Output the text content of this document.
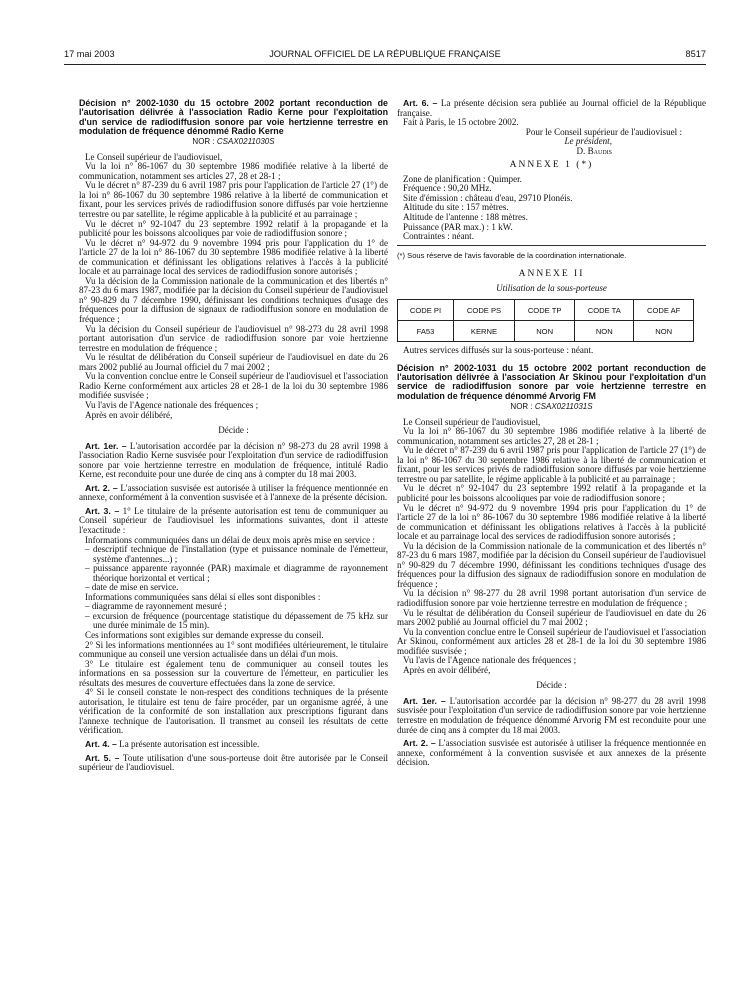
17 mai 2003	JOURNAL OFFICIEL DE LA RÉPUBLIQUE FRANÇAISE	8517
Décision n° 2002-1030 du 15 octobre 2002 portant reconduction de l'autorisation délivrée à l'association Radio Kerne pour l'exploitation d'un service de radiodiffusion sonore par voie hertzienne terrestre en modulation de fréquence dénommé Radio Kerne
NOR : CSAX0211030S

Le Conseil supérieur de l'audiovisuel,

Vu la loi n° 86-1067 du 30 septembre 1986 modifiée relative à la liberté de communication, notamment ses articles 27, 28 et 28-1 ;

Vu le décret n° 87-239 du 6 avril 1987 pris pour l'application de l'article 27 (1°) de la loi n° 86-1067 du 30 septembre 1986 relative à la liberté de communication et fixant, pour les services privés de radiodiffusion sonore diffusés par voie hertzienne terrestre ou par satellite, le régime applicable à la publicité et au parrainage ;

Vu le décret n° 92-1047 du 23 septembre 1992 relatif à la propagande et la publicité pour les boissons alcooliques par voie de radiodiffusion sonore ;

Vu le décret n° 94-972 du 9 novembre 1994 pris pour l'application du 1° de l'article 27 de la loi n° 86-1067 du 30 septembre 1986 modifiée relative à la liberté de communication et définissant les obligations relatives à l'accès à la publicité locale et au parrainage local des services de radiodiffusion sonore autorisés ;

Vu la décision de la Commission nationale de la communication et des libertés n° 87-23 du 6 mars 1987, modifiée par la décision du Conseil supérieur de l'audiovisuel n° 90-829 du 7 décembre 1990, définissant les conditions techniques d'usage des fréquences pour la diffusion de signaux de radiodiffusion sonore en modulation de fréquence ;

Vu la décision du Conseil supérieur de l'audiovisuel n° 98-273 du 28 avril 1998 portant autorisation d'un service de radiodiffusion sonore par voie hertzienne terrestre en modulation de fréquence ;

Vu le résultat de délibération du Conseil supérieur de l'audiovisuel en date du 26 mars 2002 publié au Journal officiel du 7 mai 2002 ;

Vu la convention conclue entre le Conseil supérieur de l'audiovisuel et l'association Radio Kerne conformément aux articles 28 et 28-1 de la loi du 30 septembre 1986 modifiée susvisée ;

Vu l'avis de l'Agence nationale des fréquences ;

Après en avoir délibéré,

Décide :

Art. 1er. – L'autorisation accordée par la décision n° 98-273 du 28 avril 1998 à l'association Radio Kerne susvisée pour l'exploitation d'un service de radiodiffusion sonore par voie hertzienne terrestre en modulation de fréquence, intitulé Radio Kerne, est reconduite pour une durée de cinq ans à compter du 18 mai 2003.

Art. 2. – L'association susvisée est autorisée à utiliser la fréquence mentionnée en annexe, conformément à la convention susvisée et à l'annexe de la présente décision.

Art. 3. – 1° Le titulaire de la présente autorisation est tenu de communiquer au Conseil supérieur de l'audiovisuel les informations suivantes, dont il atteste l'exactitude :

Informations communiquées dans un délai de deux mois après mise en service :

– descriptif technique de l'installation (type et puissance nominale de l'émetteur, système d'antennes...) ;

– puissance apparente rayonnée (PAR) maximale et diagramme de rayonnement théorique horizontal et vertical ;

– date de mise en service.

Informations communiquées sans délai si elles sont disponibles :

– diagramme de rayonnement mesuré ;

– excursion de fréquence (pourcentage statistique du dépassement de 75 kHz sur une durée minimale de 15 min).

Ces informations sont exigibles sur demande expresse du conseil.

2° Si les informations mentionnées au 1° sont modifiées ultérieurement, le titulaire communique au conseil une version actualisée dans un délai d'un mois.

3° Le titulaire est également tenu de communiquer au conseil toutes les informations en sa possession sur la couverture de l'émetteur, en particulier les résultats des mesures de couverture effectuées dans la zone de service.

4° Si le conseil constate le non-respect des conditions techniques de la présente autorisation, le titulaire est tenu de faire procéder, par un organisme agréé, à une vérification de la conformité de son installation aux prescriptions figurant dans l'annexe technique de l'autorisation. Il transmet au conseil les résultats de cette vérification.

Art. 4. – La présente autorisation est incessible.

Art. 5. – Toute utilisation d'une sous-porteuse doit être autorisée par le Conseil supérieur de l'audiovisuel.

Art. 6. – La présente décision sera publiée au Journal officiel de la République française.

Fait à Paris, le 15 octobre 2002.

Pour le Conseil supérieur de l'audiovisuel :

Le président,

D. Baudis

ANNEXE 1 (*)

Zone de planification : Quimper.

Fréquence : 90,20 MHz.

Site d'émission : château d'eau, 29710 Plonéis.

Altitude du site : 157 mètres.

Altitude de l'antenne : 188 mètres.

Puissance (PAR max.) : 1 kW.

Contraintes : néant.

(*) Sous réserve de l'avis favorable de la coordination internationale.

ANNEXE II
Utilisation de la sous-porteuse
CODE PI	CODE PS	CODE TP	CODE TA	CODE AF
FA53	KERNE	NON	NON	NON

Autres services diffusés sur la sous-porteuse : néant.

Décision n° 2002-1031 du 15 octobre 2002 portant reconduction de l'autorisation délivrée à l'association Ar Skinou pour l'exploitation d'un service de radiodiffusion sonore par voie hertzienne terrestre en modulation de fréquence dénommé Arvorig FM
NOR : CSAX0211031S

Le Conseil supérieur de l'audiovisuel,

Vu la loi n° 86-1067 du 30 septembre 1986 modifiée relative à la liberté de communication, notamment ses articles 27, 28 et 28-1 ;

Vu le décret n° 87-239 du 6 avril 1987 pris pour l'application de l'article 27 (1°) de la loi n° 86-1067 du 30 septembre 1986 relative à la liberté de communication et fixant, pour les services privés de radiodiffusion sonore diffusés par voie hertzienne terrestre ou par satellite, le régime applicable à la publicité et au parrainage ;

Vu le décret n° 92-1047 du 23 septembre 1992 relatif à la propagande et la publicité pour les boissons alcooliques par voie de radiodiffusion sonore ;

Vu le décret n° 94-972 du 9 novembre 1994 pris pour l'application du 1° de l'article 27 de la loi n° 86-1067 du 30 septembre 1986 modifiée relative à la liberté de communication et définissant les obligations relatives à l'accès à la publicité locale et au parrainage local des services de radiodiffusion sonore autorisés ;

Vu la décision de la Commission nationale de la communication et des libertés n° 87-23 du 6 mars 1987, modifiée par la décision du Conseil supérieur de l'audiovisuel n° 90-829 du 7 décembre 1990, définissant les conditions techniques d'usage des fréquences pour la diffusion des signaux de radiodiffusion sonore en modulation de fréquence ;

Vu la décision n° 98-277 du 28 avril 1998 portant autorisation d'un service de radiodiffusion sonore par voie hertzienne terrestre en modulation de fréquence ;

Vu le résultat de délibération du Conseil supérieur de l'audiovisuel en date du 26 mars 2002 publié au Journal officiel du 7 mai 2002 ;

Vu la convention conclue entre le Conseil supérieur de l'audiovisuel et l'association Ar Skinou, conformément aux articles 28 et 28-1 de la loi du 30 septembre 1986 modifiée susvisée ;

Vu l'avis de l'Agence nationale des fréquences ;

Après en avoir délibéré,

Décide :

Art. 1er. – L'autorisation accordée par la décision n° 98-277 du 28 avril 1998 susvisée pour l'exploitation d'un service de radiodiffusion sonore par voie hertzienne terrestre en modulation de fréquence dénommé Arvorig FM est reconduite pour une durée de cinq ans à compter du 18 mai 2003.

Art. 2. – L'association susvisée est autorisée à utiliser la fréquence mentionnée en annexe, conformément à la convention susvisée et aux annexes de la présente décision.
